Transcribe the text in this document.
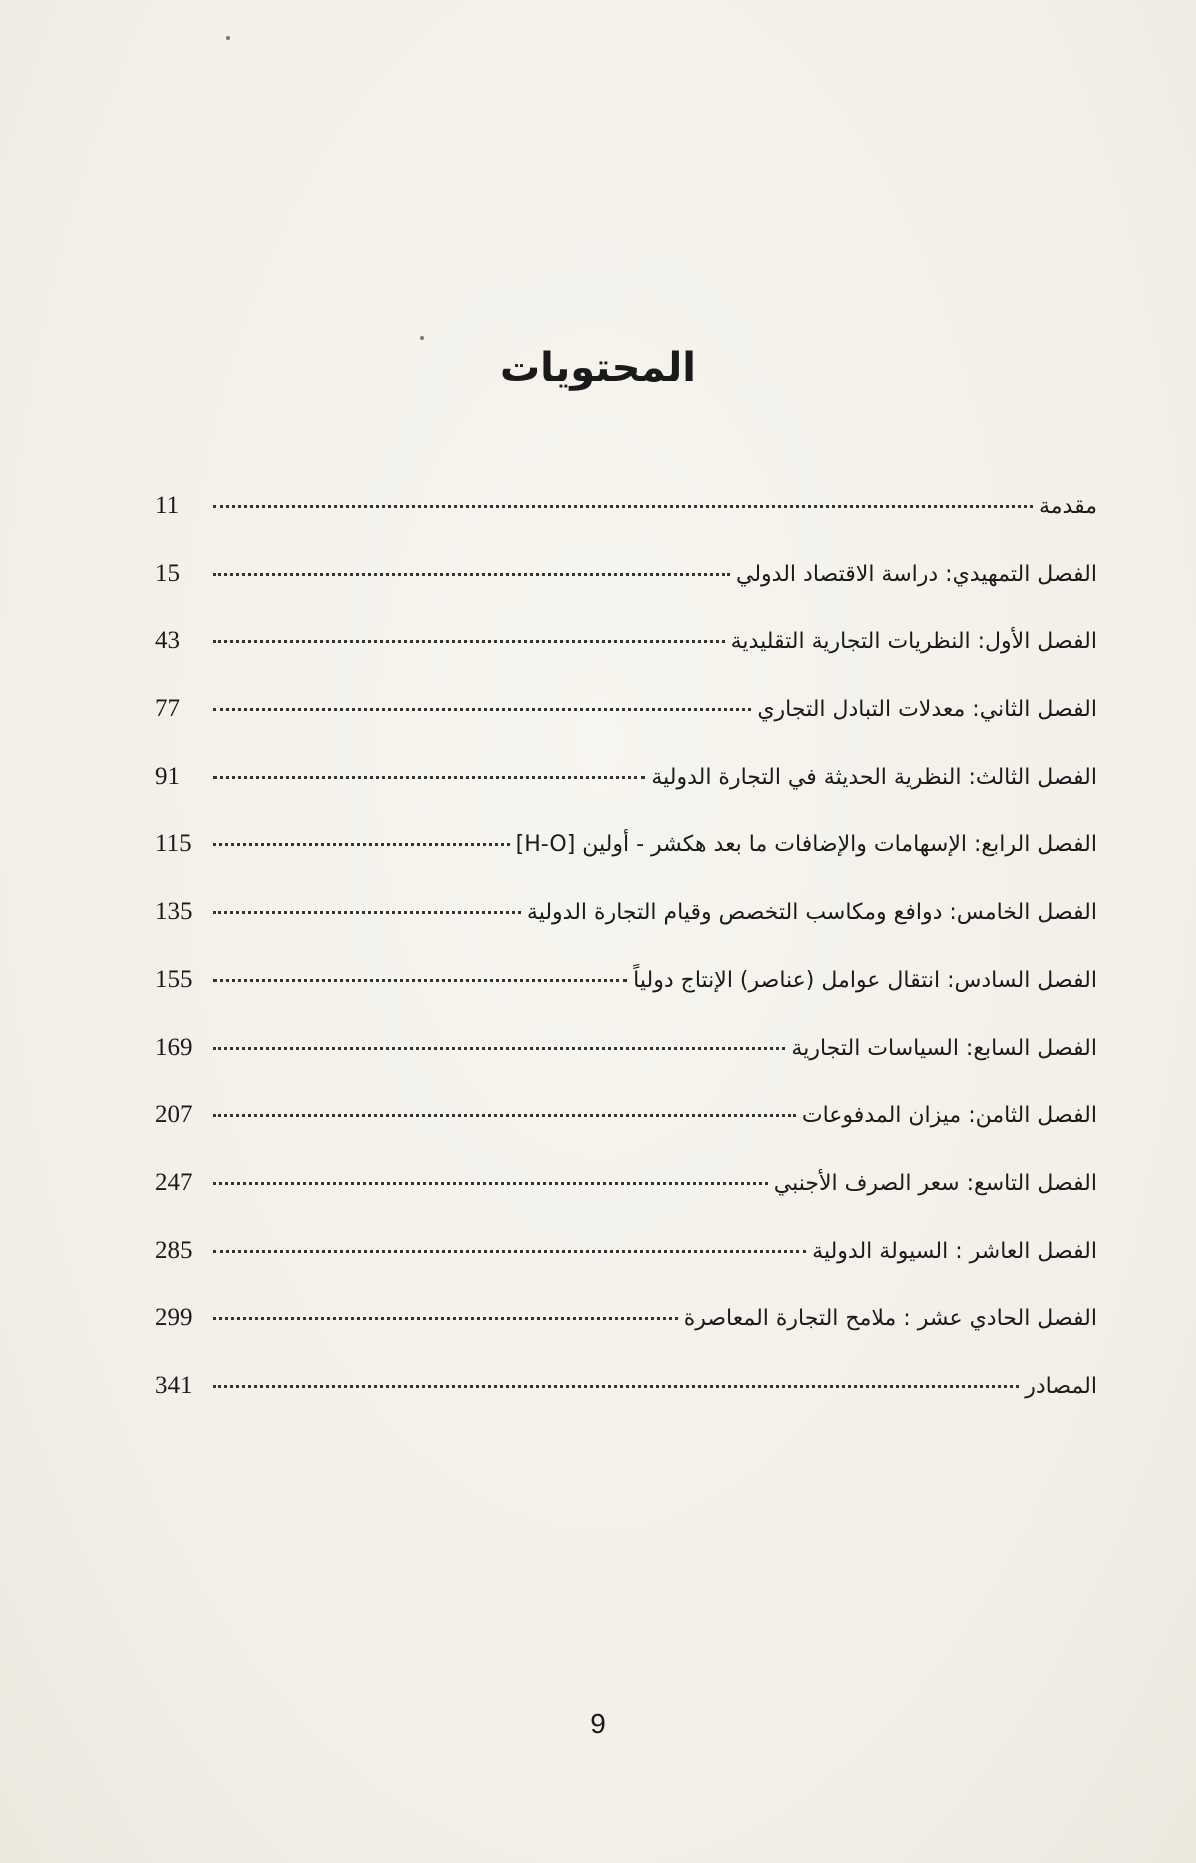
المحتويات
مقدمة
11
الفصل التمهيدي: دراسة الاقتصاد الدولي
15
الفصل الأول: النظريات التجارية التقليدية
43
الفصل الثاني: معدلات التبادل التجاري
77
الفصل الثالث: النظرية الحديثة في التجارة الدولية
91
الفصل الرابع: الإسهامات والإضافات ما بعد هكشر - أولين [H-O]
115
الفصل الخامس: دوافع ومكاسب التخصص وقيام التجارة الدولية
135
الفصل السادس: انتقال عوامل (عناصر) الإنتاج دولياً
155
الفصل السابع: السياسات التجارية
169
الفصل الثامن: ميزان المدفوعات
207
الفصل التاسع: سعر الصرف الأجنبي
247
الفصل العاشر : السيولة الدولية
285
الفصل الحادي عشر : ملامح التجارة المعاصرة
299
المصادر
341
9
